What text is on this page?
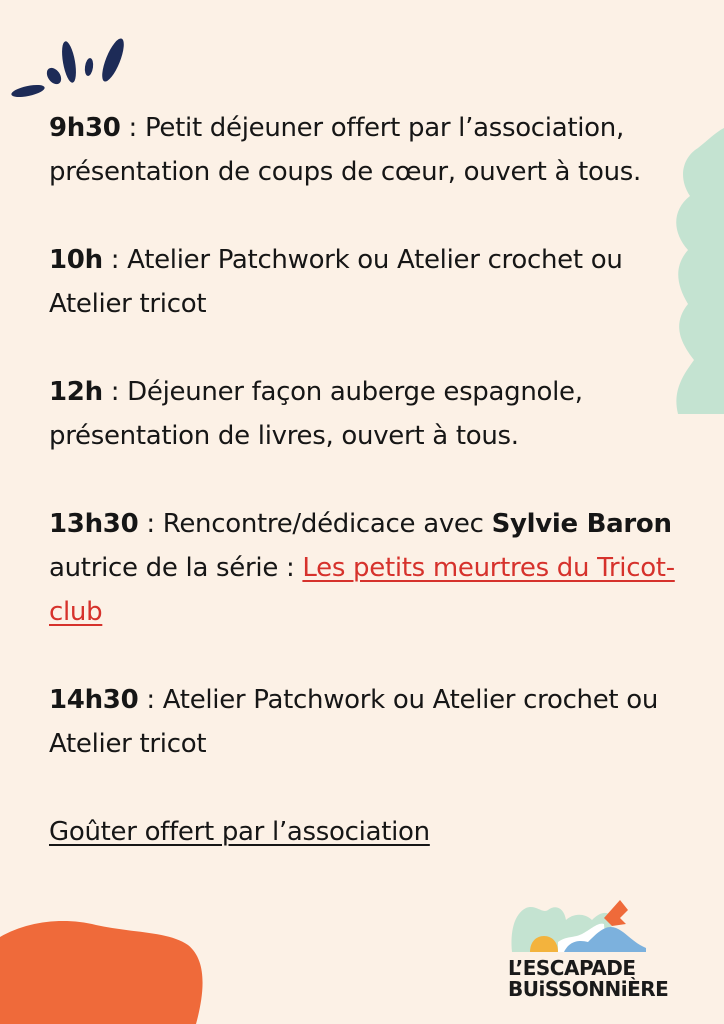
9h30 : Petit déjeuner offert par l’association, présentation de coups de cœur, ouvert à tous.

10h : Atelier Patchwork ou Atelier crochet ou Atelier tricot

12h : Déjeuner façon auberge espagnole, présentation de livres, ouvert à tous.

13h30 : Rencontre/dédicace avec Sylvie Baron autrice de la série : Les petits meurtres du Tricot-club

14h30 : Atelier Patchwork ou Atelier crochet ou Atelier tricot

Goûter offert par l’association

L’ESCAPADE
BUiSSONNiÈRE
